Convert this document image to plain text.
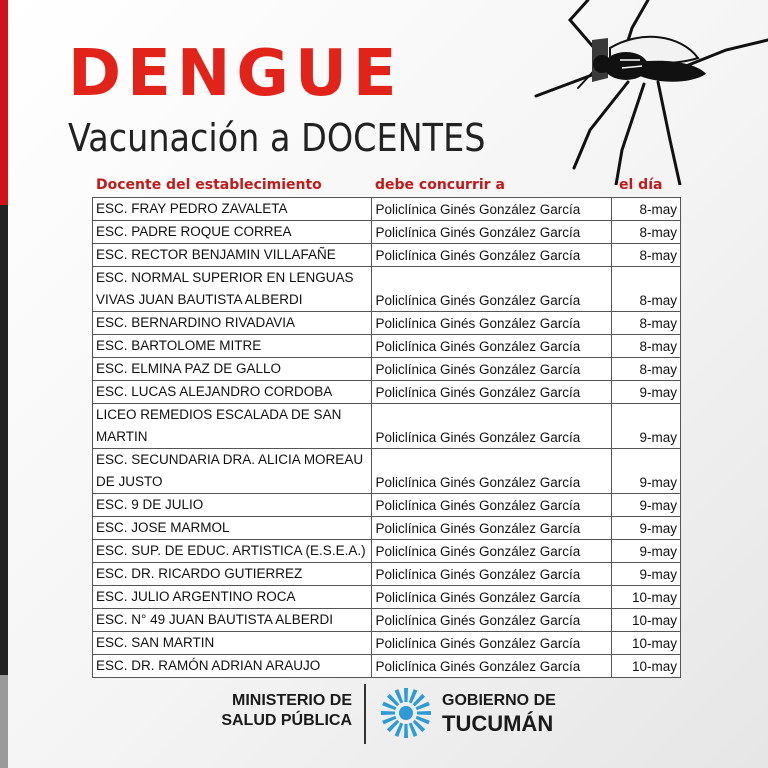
DENGUE
Vacunación a DOCENTES
Docente del establecimiento	debe concurrir a	el día
ESC. FRAY PEDRO ZAVALETA	Policlínica Ginés González García	8-may
ESC. PADRE ROQUE CORREA	Policlínica Ginés González García	8-may
ESC. RECTOR BENJAMIN VILLAFAÑE	Policlínica Ginés González García	8-may
ESC. NORMAL SUPERIOR EN LENGUAS VIVAS JUAN BAUTISTA ALBERDI	Policlínica Ginés González García	8-may
ESC. BERNARDINO RIVADAVIA	Policlínica Ginés González García	8-may
ESC. BARTOLOME MITRE	Policlínica Ginés González García	8-may
ESC. ELMINA PAZ DE GALLO	Policlínica Ginés González García	8-may
ESC. LUCAS ALEJANDRO CORDOBA	Policlínica Ginés González García	9-may
LICEO REMEDIOS ESCALADA DE SAN MARTIN	Policlínica Ginés González García	9-may
ESC. SECUNDARIA DRA. ALICIA MOREAU DE JUSTO	Policlínica Ginés González García	9-may
ESC. 9 DE JULIO	Policlínica Ginés González García	9-may
ESC. JOSE MARMOL	Policlínica Ginés González García	9-may
ESC. SUP. DE EDUC. ARTISTICA (E.S.E.A.)	Policlínica Ginés González García	9-may
ESC. DR. RICARDO GUTIERREZ	Policlínica Ginés González García	9-may
ESC. JULIO ARGENTINO ROCA	Policlínica Ginés González García	10-may
ESC. N° 49 JUAN BAUTISTA ALBERDI	Policlínica Ginés González García	10-may
ESC. SAN MARTIN	Policlínica Ginés González García	10-may
ESC. DR. RAMÓN ADRIAN ARAUJO	Policlínica Ginés González García	10-may
MINISTERIO DE
SALUD PÚBLICA
GOBIERNO DE
TUCUMÁN
